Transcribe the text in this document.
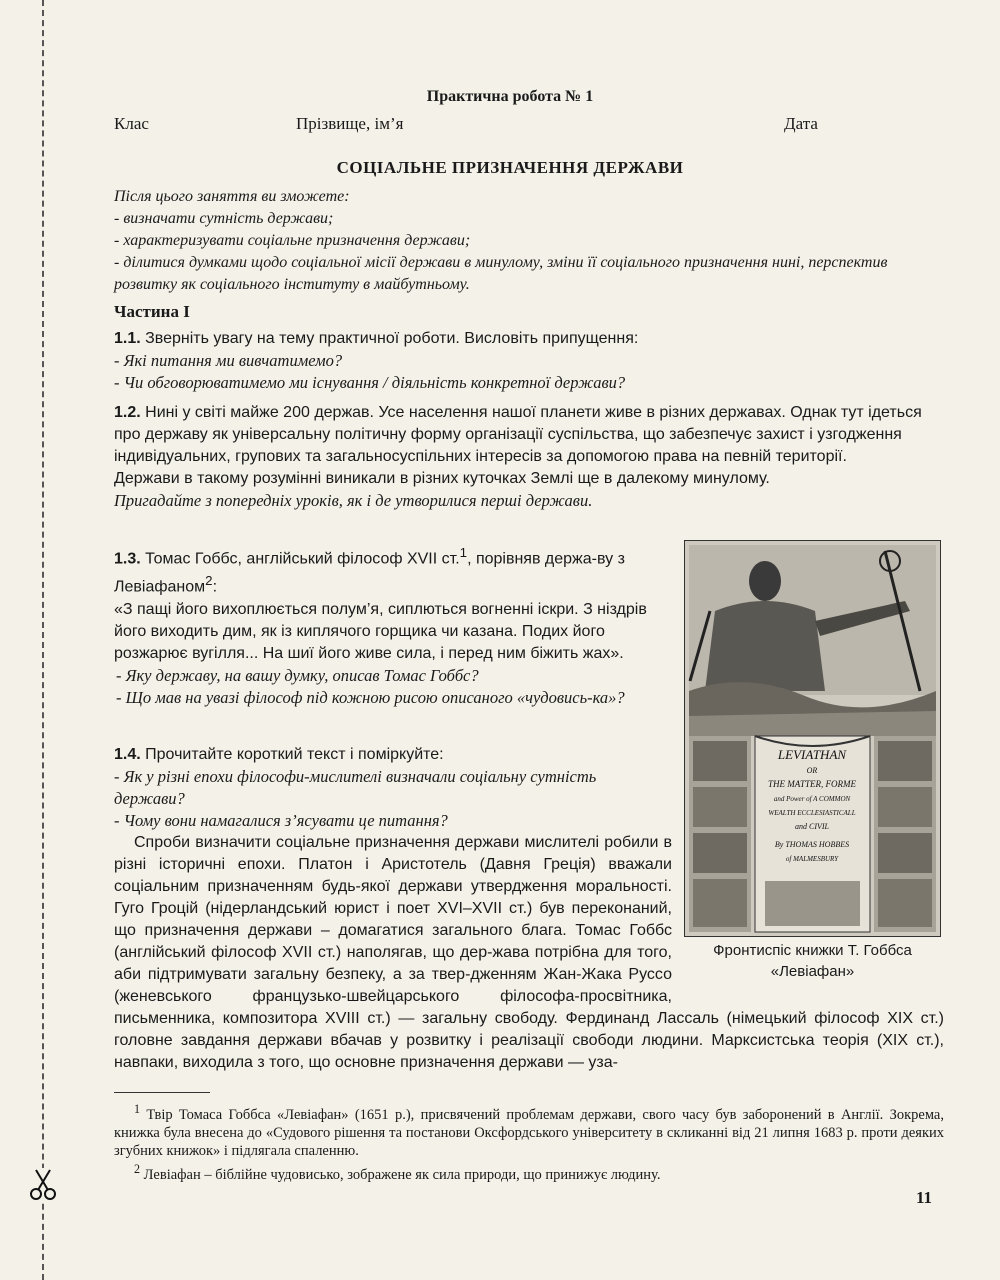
Практична робота № 1
Клас	Прізвище, ім’я	Дата
СОЦІАЛЬНЕ ПРИЗНАЧЕННЯ ДЕРЖАВИ
Після цього заняття ви зможете:
- визначати сутність держави;
- характеризувати соціальне призначення держави;
- ділитися думками щодо соціальної місії держави в минулому, зміни її соціального призначення нині, перспектив розвитку як соціального інституту в майбутньому.
Частина І

1.1. Зверніть увагу на тему практичної роботи. Висловіть припущення:

- Які питання ми вивчатимемо?

- Чи обговорюватимемо ми існування / діяльність конкретної держави?

1.2. Нині у світі майже 200 держав. Усе населення нашої планети живе в різних державах. Однак тут ідеться про державу як універсальну політичну форму організації суспільства, що забезпечує захист і узгодження індивідуальних, групових та загальносуспільних інтересів за допомогою права на певній території.

Держави в такому розумінні виникали в різних куточках Землі ще в далекому минулому.

Пригадайте з попередніх уроків, як і де утворилися перші держави.

1.3. Томас Гоббс, англійський філософ XVII ст.$^1$, порівняв держа-ву з Левіафаном$^2$:

«З пащі його вихоплюється полум’я, сиплються вогненні іскри. З ніздрів його виходить дим, як із киплячого горщика чи казана. Подих його розжарює вугілля... На шиї його живе сила, і перед ним біжить жах».

- Яку державу, на вашу думку, описав Томас Гоббс?

- Що мав на увазі філософ під кожною рисою описаного «чудовись-ка»?

1.4. Прочитайте короткий текст і поміркуйте:

- Як у різні епохи філософи-мислителі визначали соціальну сутність держави?

- Чому вони намагалися з’ясувати це питання?

Спроби визначити соціальне призначення держави мислителі робили в різні історичні епохи. Платон і Аристотель (Давня Греція) вважали соціальним призначенням будь-якої держави утвердження моральності. Гуго Гроцій (нідерландський юрист і поет XVI–XVII ст.) був переконаний, що призначення держави – домагатися загального блага. Томас Гоббс (англійський філософ XVII ст.) наполягав, що дер-жава потрібна для того, аби підтримувати загальну безпеку, а за твер-дженням Жан-Жака Руссо (женевського французько-швейцарського філософа-просвітника, письменника, композитора XVIII ст.) — загальну свободу. Фердинанд Лассаль (німецький філософ XIX ст.) головне завдання держави вбачав у розвитку і реалізації свободи людини. Марксистська теорія (XIX ст.), навпаки, виходила з того, що основне призначення держави — уза-

LEVIATHAN
OR
THE MATTER, FORME
and Power of A COMMON
WEALTH ECCLESIASTICALL
and CIVIL
By THOMAS HOBBES
of MALMESBURY
Фронтиспіс книжки Т. Гоббса
«Левіафан»

$^1$ Твір Томаса Гоббса «Левіафан» (1651 р.), присвячений проблемам держави, свого часу був заборонений в Англії. Зокрема, книжка була внесена до «Судового рішення та постанови Оксфордського університету в скликанні від 21 липня 1683 р. проти деяких згубних книжок» і підлягала спаленню.

$^2$ Левіафан – біблійне чудовисько, зображене як сила природи, що принижує людину.

11
